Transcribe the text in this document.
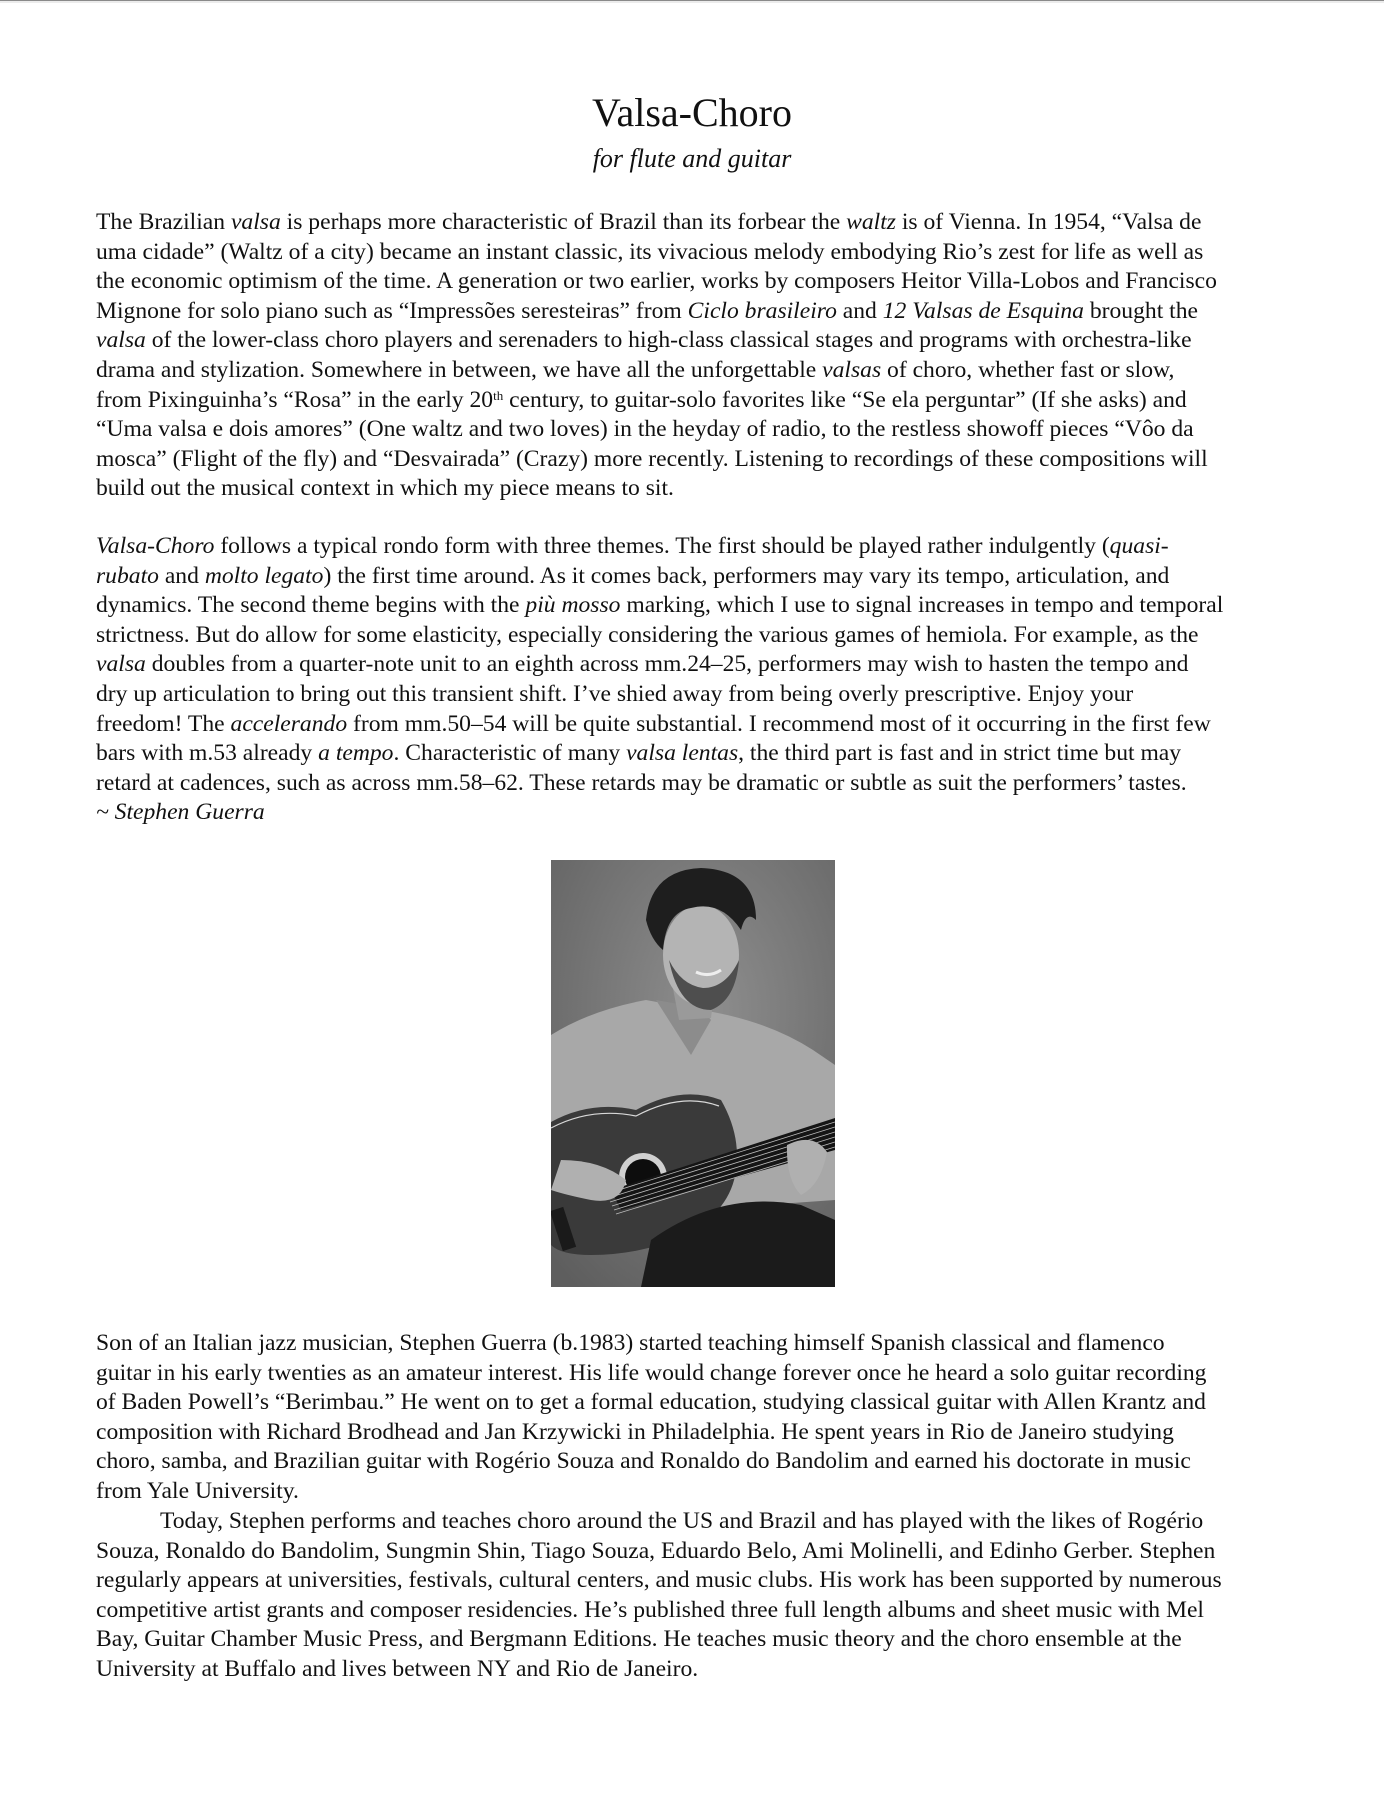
Valsa-Choro
for flute and guitar
The Brazilian valsa is perhaps more characteristic of Brazil than its forbear the waltz is of Vienna. In 1954, “Valsa de
uma cidade” (Waltz of a city) became an instant classic, its vivacious melody embodying Rio’s zest for life as well as
the economic optimism of the time. A generation or two earlier, works by composers Heitor Villa-Lobos and Francisco
Mignone for solo piano such as “Impressões seresteiras” from Ciclo brasileiro and 12 Valsas de Esquina brought the
valsa of the lower-class choro players and serenaders to high-class classical stages and programs with orchestra-like
drama and stylization. Somewhere in between, we have all the unforgettable valsas of choro, whether fast or slow,
from Pixinguinha’s “Rosa” in the early 20th century, to guitar-solo favorites like “Se ela perguntar” (If she asks) and
“Uma valsa e dois amores” (One waltz and two loves) in the heyday of radio, to the restless showoff pieces “Vôo da
mosca” (Flight of the fly) and “Desvairada” (Crazy) more recently. Listening to recordings of these compositions will
build out the musical context in which my piece means to sit.
Valsa-Choro follows a typical rondo form with three themes. The first should be played rather indulgently (quasi-
rubato and molto legato) the first time around. As it comes back, performers may vary its tempo, articulation, and
dynamics. The second theme begins with the più mosso marking, which I use to signal increases in tempo and temporal
strictness. But do allow for some elasticity, especially considering the various games of hemiola. For example, as the
valsa doubles from a quarter-note unit to an eighth across mm.24–25, performers may wish to hasten the tempo and
dry up articulation to bring out this transient shift. I’ve shied away from being overly prescriptive. Enjoy your
freedom! The accelerando from mm.50–54 will be quite substantial. I recommend most of it occurring in the first few
bars with m.53 already a tempo. Characteristic of many valsa lentas, the third part is fast and in strict time but may
retard at cadences, such as across mm.58–62. These retards may be dramatic or subtle as suit the performers’ tastes.
~ Stephen Guerra
Son of an Italian jazz musician, Stephen Guerra (b.1983) started teaching himself Spanish classical and flamenco
guitar in his early twenties as an amateur interest. His life would change forever once he heard a solo guitar recording
of Baden Powell’s “Berimbau.” He went on to get a formal education, studying classical guitar with Allen Krantz and
composition with Richard Brodhead and Jan Krzywicki in Philadelphia. He spent years in Rio de Janeiro studying
choro, samba, and Brazilian guitar with Rogério Souza and Ronaldo do Bandolim and earned his doctorate in music
from Yale University.
Today, Stephen performs and teaches choro around the US and Brazil and has played with the likes of Rogério
Souza, Ronaldo do Bandolim, Sungmin Shin, Tiago Souza, Eduardo Belo, Ami Molinelli, and Edinho Gerber. Stephen
regularly appears at universities, festivals, cultural centers, and music clubs. His work has been supported by numerous
competitive artist grants and composer residencies. He’s published three full length albums and sheet music with Mel
Bay, Guitar Chamber Music Press, and Bergmann Editions. He teaches music theory and the choro ensemble at the
University at Buffalo and lives between NY and Rio de Janeiro.
